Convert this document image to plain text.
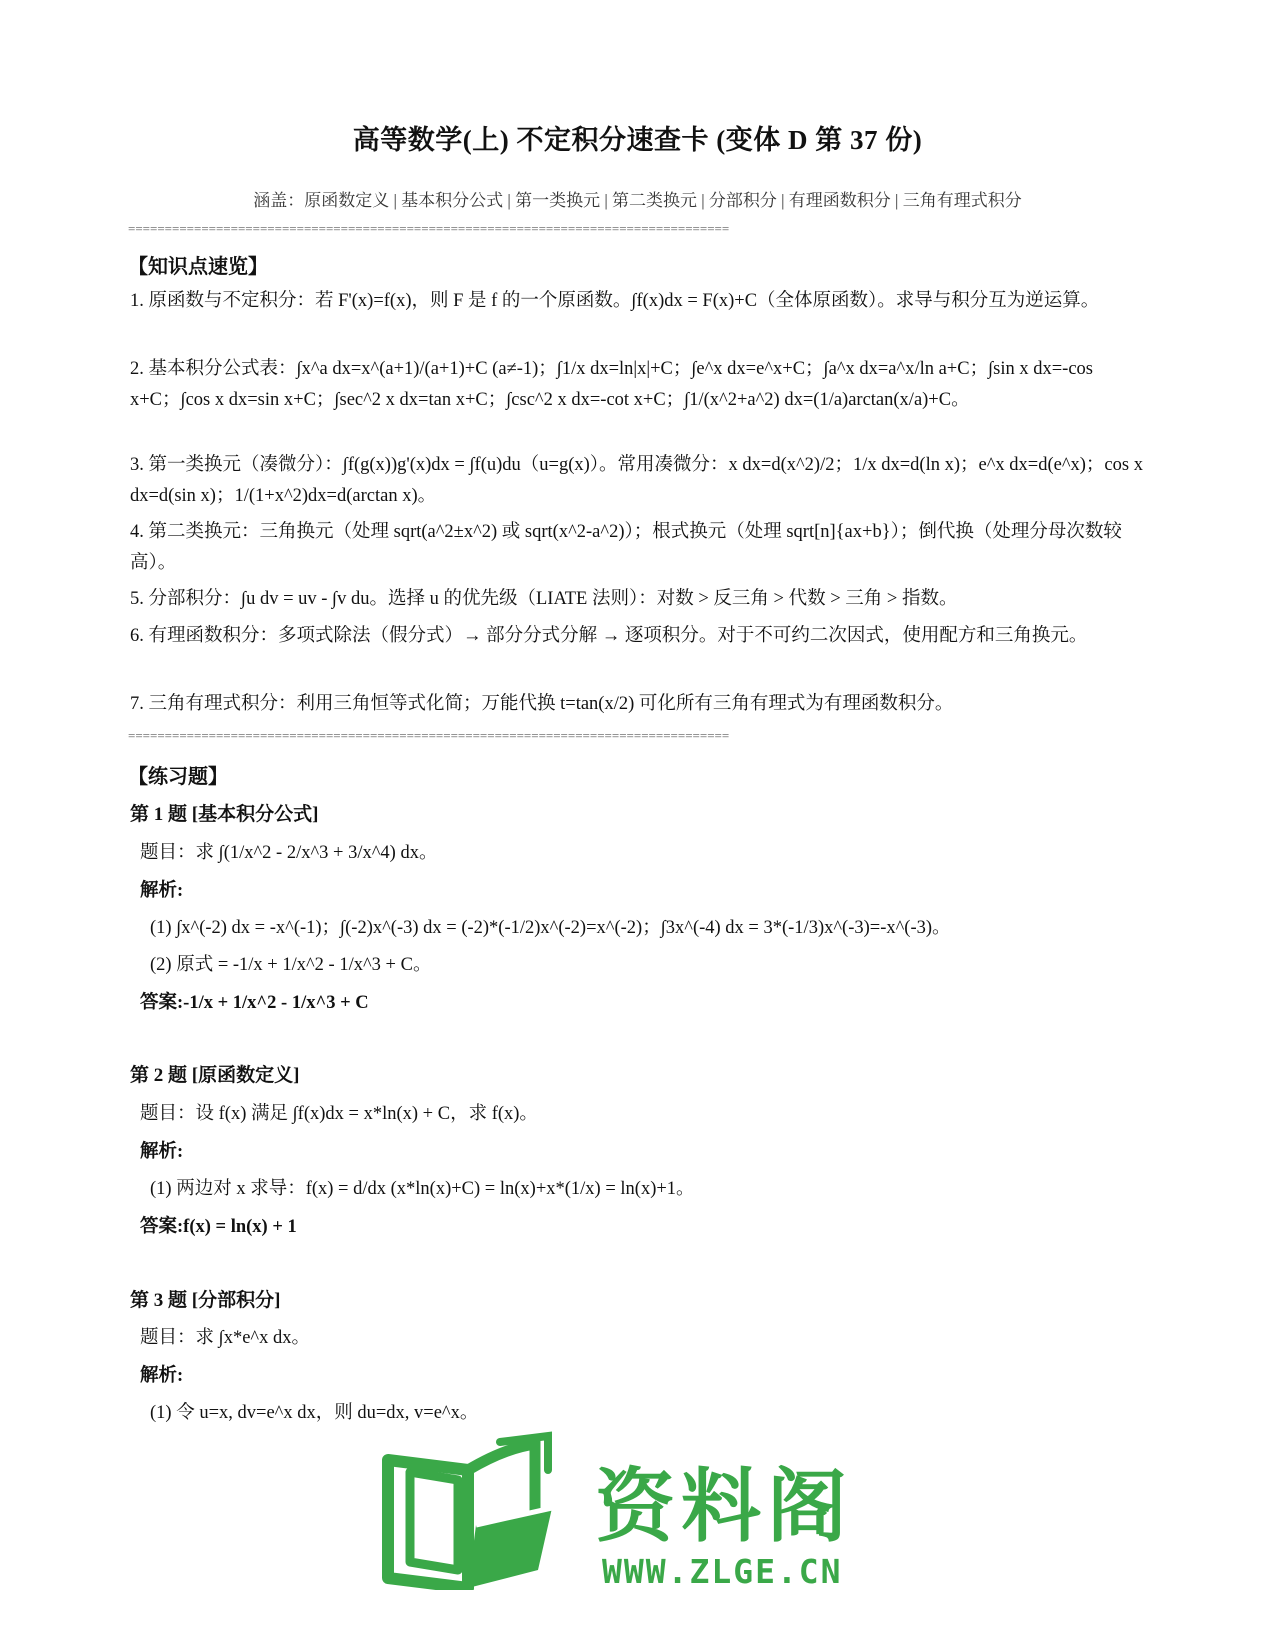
高等数学(上) 不定积分速查卡 (变体 D 第 37 份)
涵盖：原函数定义 | 基本积分公式 | 第一类换元 | 第二类换元 | 分部积分 | 有理函数积分 | 三角有理式积分
==================================================================================
【知识点速览】
1. 原函数与不定积分：若 F'(x)=f(x)，则 F 是 f 的一个原函数。∫f(x)dx = F(x)+C（全体原函数）。求导与积分互为逆运算。
2. 基本积分公式表：∫x^a dx=x^(a+1)/(a+1)+C (a≠-1)；∫1/x dx=ln|x|+C；∫e^x dx=e^x+C；∫a^x dx=a^x/ln a+C；∫sin x dx=-cos x+C；∫cos x dx=sin x+C；∫sec^2 x dx=tan x+C；∫csc^2 x dx=-cot x+C；∫1/(x^2+a^2) dx=(1/a)arctan(x/a)+C。
3. 第一类换元（凑微分）：∫f(g(x))g'(x)dx = ∫f(u)du（u=g(x)）。常用凑微分：x dx=d(x^2)/2；1/x dx=d(ln x)；e^x dx=d(e^x)；cos x dx=d(sin x)；1/(1+x^2)dx=d(arctan x)。
4. 第二类换元：三角换元（处理 sqrt(a^2±x^2) 或 sqrt(x^2-a^2)）；根式换元（处理 sqrt[n]{ax+b}）；倒代换（处理分母次数较高）。
5. 分部积分：∫u dv = uv - ∫v du。选择 u 的优先级（LIATE 法则）：对数 > 反三角 > 代数 > 三角 > 指数。
6. 有理函数积分：多项式除法（假分式）→ 部分分式分解 → 逐项积分。对于不可约二次因式，使用配方和三角换元。
7. 三角有理式积分：利用三角恒等式化简；万能代换 t=tan(x/2) 可化所有三角有理式为有理函数积分。
==================================================================================
【练习题】
第 1 题 [基本积分公式]
题目：求 ∫(1/x^2 - 2/x^3 + 3/x^4) dx。
解析:
(1) ∫x^(-2) dx = -x^(-1)；∫(-2)x^(-3) dx = (-2)*(-1/2)x^(-2)=x^(-2)；∫3x^(-4) dx = 3*(-1/3)x^(-3)=-x^(-3)。
(2) 原式 = -1/x + 1/x^2 - 1/x^3 + C。
答案:-1/x + 1/x^2 - 1/x^3 + C
第 2 题 [原函数定义]
题目：设 f(x) 满足 ∫f(x)dx = x*ln(x) + C，求 f(x)。
解析:
(1) 两边对 x 求导：f(x) = d/dx (x*ln(x)+C) = ln(x)+x*(1/x) = ln(x)+1。
答案:f(x) = ln(x) + 1
第 3 题 [分部积分]
题目：求 ∫x*e^x dx。
解析:
(1) 令 u=x, dv=e^x dx，则 du=dx, v=e^x。
资料阁
WWW.ZLGE.CN
